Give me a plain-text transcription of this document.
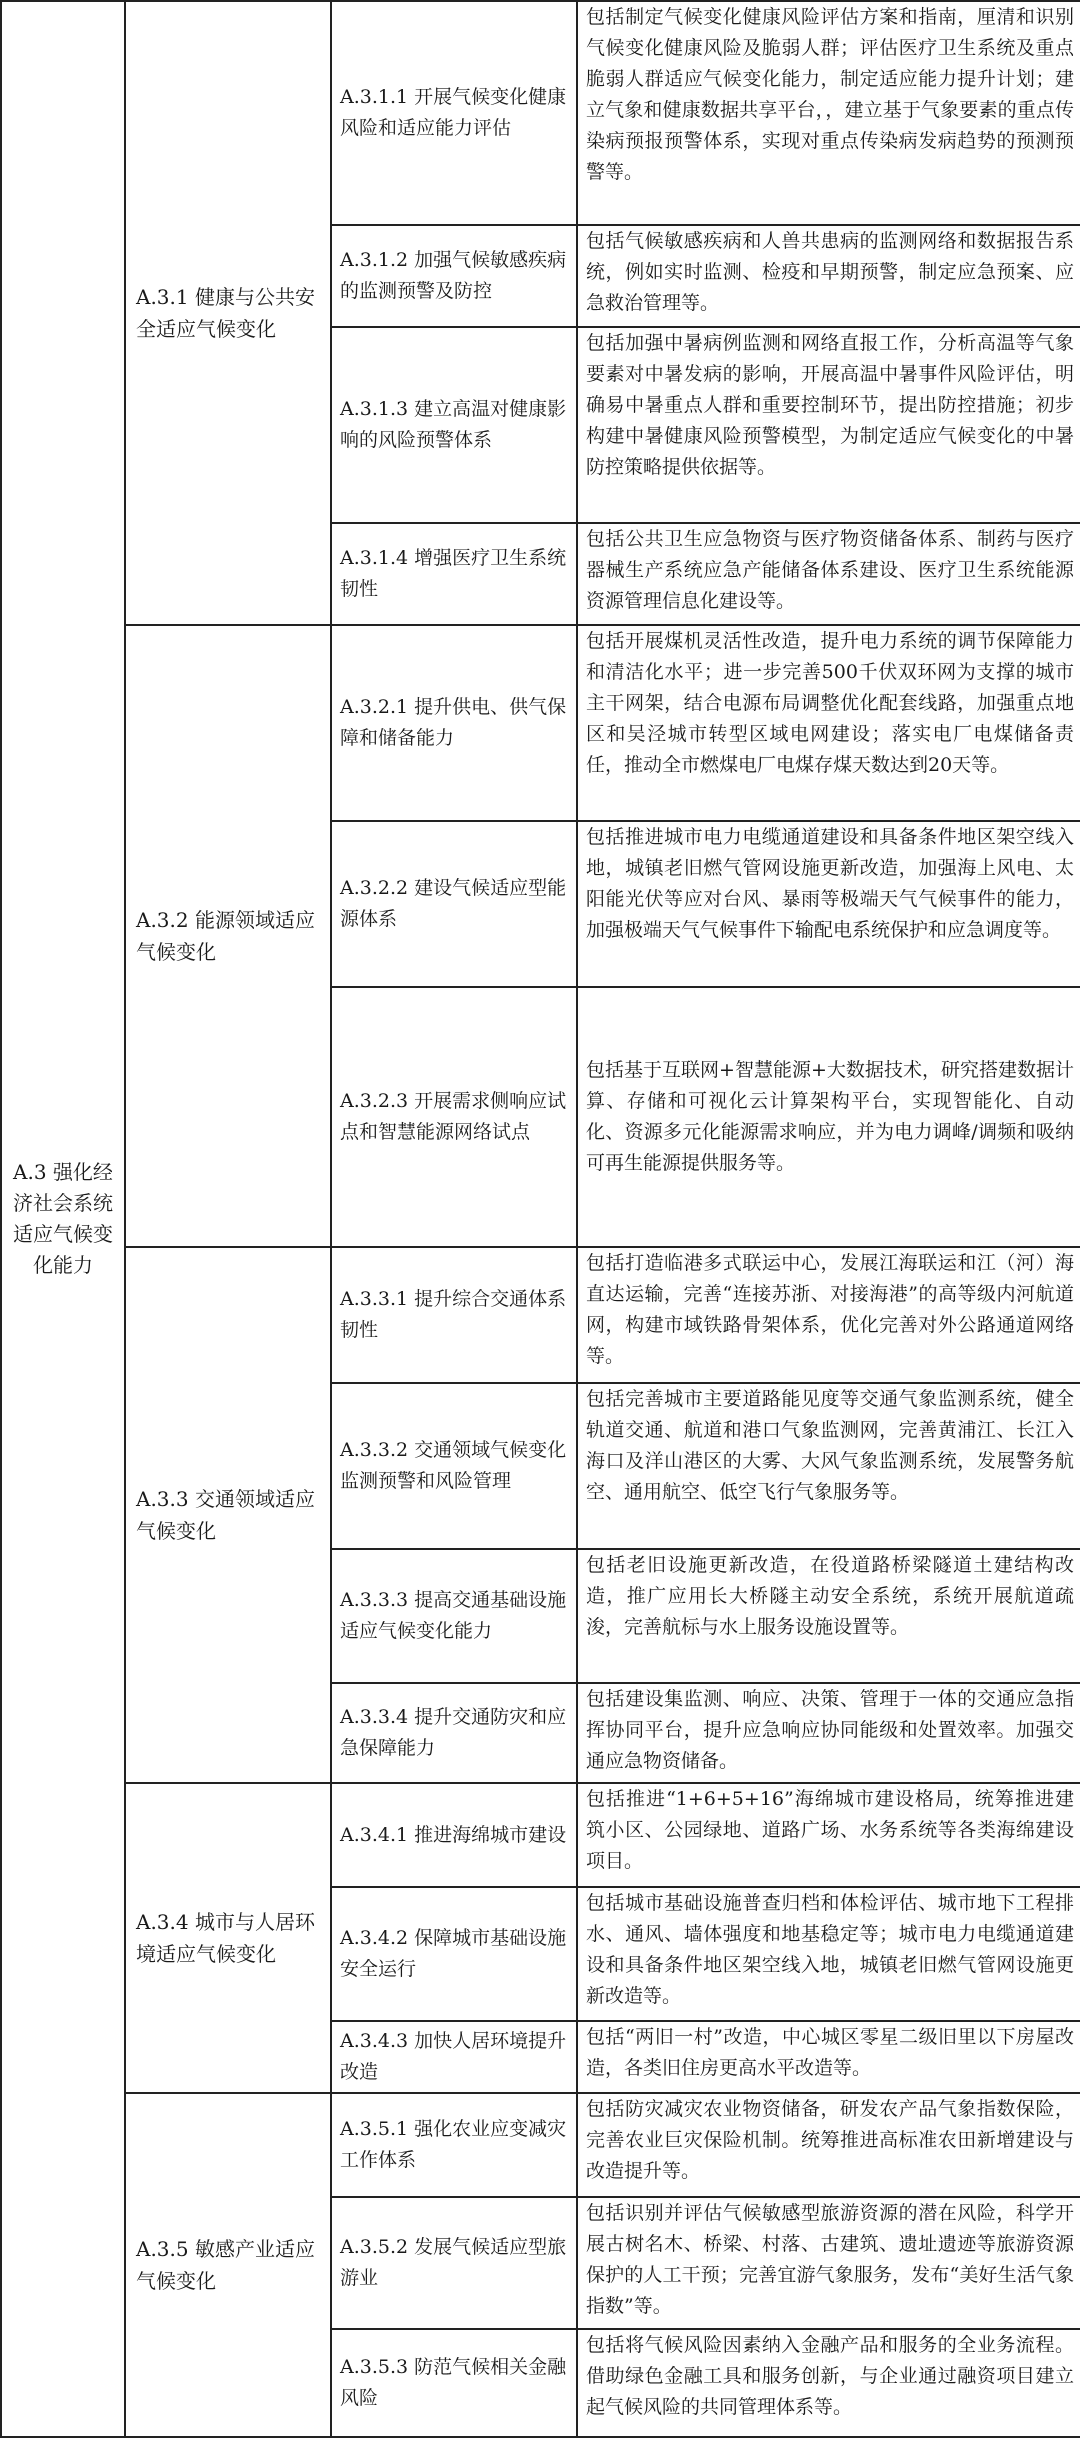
A.3 强化经济社会系统适应气候变化能力	A.3.1 健康与公共安全适应气候变化	A.3.1.1 开展气候变化健康风险和适应能力评估	包括制定气候变化健康风险评估方案和指南，厘清和识别气候变化健康风险及脆弱人群；评估医疗卫生系统及重点脆弱人群适应气候变化能力，制定适应能力提升计划；建立气象和健康数据共享平台，，建立基于气象要素的重点传染病预报预警体系，实现对重点传染病发病趋势的预测预警等。
		A.3.1.2 加强气候敏感疾病的监测预警及防控	包括气候敏感疾病和人兽共患病的监测网络和数据报告系统，例如实时监测、检疫和早期预警，制定应急预案、应急救治管理等。
		A.3.1.3 建立高温对健康影响的风险预警体系	包括加强中暑病例监测和网络直报工作，分析高温等气象要素对中暑发病的影响，开展高温中暑事件风险评估，明确易中暑重点人群和重要控制环节，提出防控措施；初步构建中暑健康风险预警模型，为制定适应气候变化的中暑防控策略提供依据等。
		A.3.1.4 增强医疗卫生系统韧性	包括公共卫生应急物资与医疗物资储备体系、制药与医疗器械生产系统应急产能储备体系建设、医疗卫生系统能源资源管理信息化建设等。
	A.3.2 能源领域适应气候变化	A.3.2.1 提升供电、供气保障和储备能力	包括开展煤机灵活性改造，提升电力系统的调节保障能力和清洁化水平；进一步完善500千伏双环网为支撑的城市主干网架，结合电源布局调整优化配套线路，加强重点地区和吴泾城市转型区域电网建设；落实电厂电煤储备责任，推动全市燃煤电厂电煤存煤天数达到20天等。
		A.3.2.2 建设气候适应型能源体系	包括推进城市电力电缆通道建设和具备条件地区架空线入地，城镇老旧燃气管网设施更新改造，加强海上风电、太阳能光伏等应对台风、暴雨等极端天气气候事件的能力，加强极端天气气候事件下输配电系统保护和应急调度等。
		A.3.2.3 开展需求侧响应试点和智慧能源网络试点	包括基于互联网+智慧能源+大数据技术，研究搭建数据计算、存储和可视化云计算架构平台，实现智能化、自动化、资源多元化能源需求响应，并为电力调峰/调频和吸纳可再生能源提供服务等。
	A.3.3 交通领域适应气候变化	A.3.3.1 提升综合交通体系韧性	包括打造临港多式联运中心，发展江海联运和江（河）海直达运输，完善“连接苏浙、对接海港”的高等级内河航道网，构建市域铁路骨架体系，优化完善对外公路通道网络等。
		A.3.3.2 交通领域气候变化监测预警和风险管理	包括完善城市主要道路能见度等交通气象监测系统，健全轨道交通、航道和港口气象监测网，完善黄浦江、长江入海口及洋山港区的大雾、大风气象监测系统，发展警务航空、通用航空、低空飞行气象服务等。
		A.3.3.3 提高交通基础设施适应气候变化能力	包括老旧设施更新改造，在役道路桥梁隧道土建结构改造，推广应用长大桥隧主动安全系统，系统开展航道疏浚，完善航标与水上服务设施设置等。
		A.3.3.4 提升交通防灾和应急保障能力	包括建设集监测、响应、决策、管理于一体的交通应急指挥协同平台，提升应急响应协同能级和处置效率。加强交通应急物资储备。
	A.3.4 城市与人居环境适应气候变化	A.3.4.1 推进海绵城市建设	包括推进“1+6+5+16”海绵城市建设格局，统筹推进建筑小区、公园绿地、道路广场、水务系统等各类海绵建设项目。
		A.3.4.2 保障城市基础设施安全运行	包括城市基础设施普查归档和体检评估、城市地下工程排水、通风、墙体强度和地基稳定等；城市电力电缆通道建设和具备条件地区架空线入地，城镇老旧燃气管网设施更新改造等。
		A.3.4.3 加快人居环境提升改造	包括“两旧一村”改造，中心城区零星二级旧里以下房屋改造，各类旧住房更高水平改造等。
	A.3.5 敏感产业适应气候变化	A.3.5.1 强化农业应变减灾工作体系	包括防灾减灾农业物资储备，研发农产品气象指数保险，完善农业巨灾保险机制。统筹推进高标准农田新增建设与改造提升等。
		A.3.5.2 发展气候适应型旅游业	包括识别并评估气候敏感型旅游资源的潜在风险，科学开展古树名木、桥梁、村落、古建筑、遗址遗迹等旅游资源保护的人工干预；完善宜游气象服务，发布“美好生活气象指数”等。
		A.3.5.3 防范气候相关金融风险	包括将气候风险因素纳入金融产品和服务的全业务流程。借助绿色金融工具和服务创新，与企业通过融资项目建立起气候风险的共同管理体系等。
